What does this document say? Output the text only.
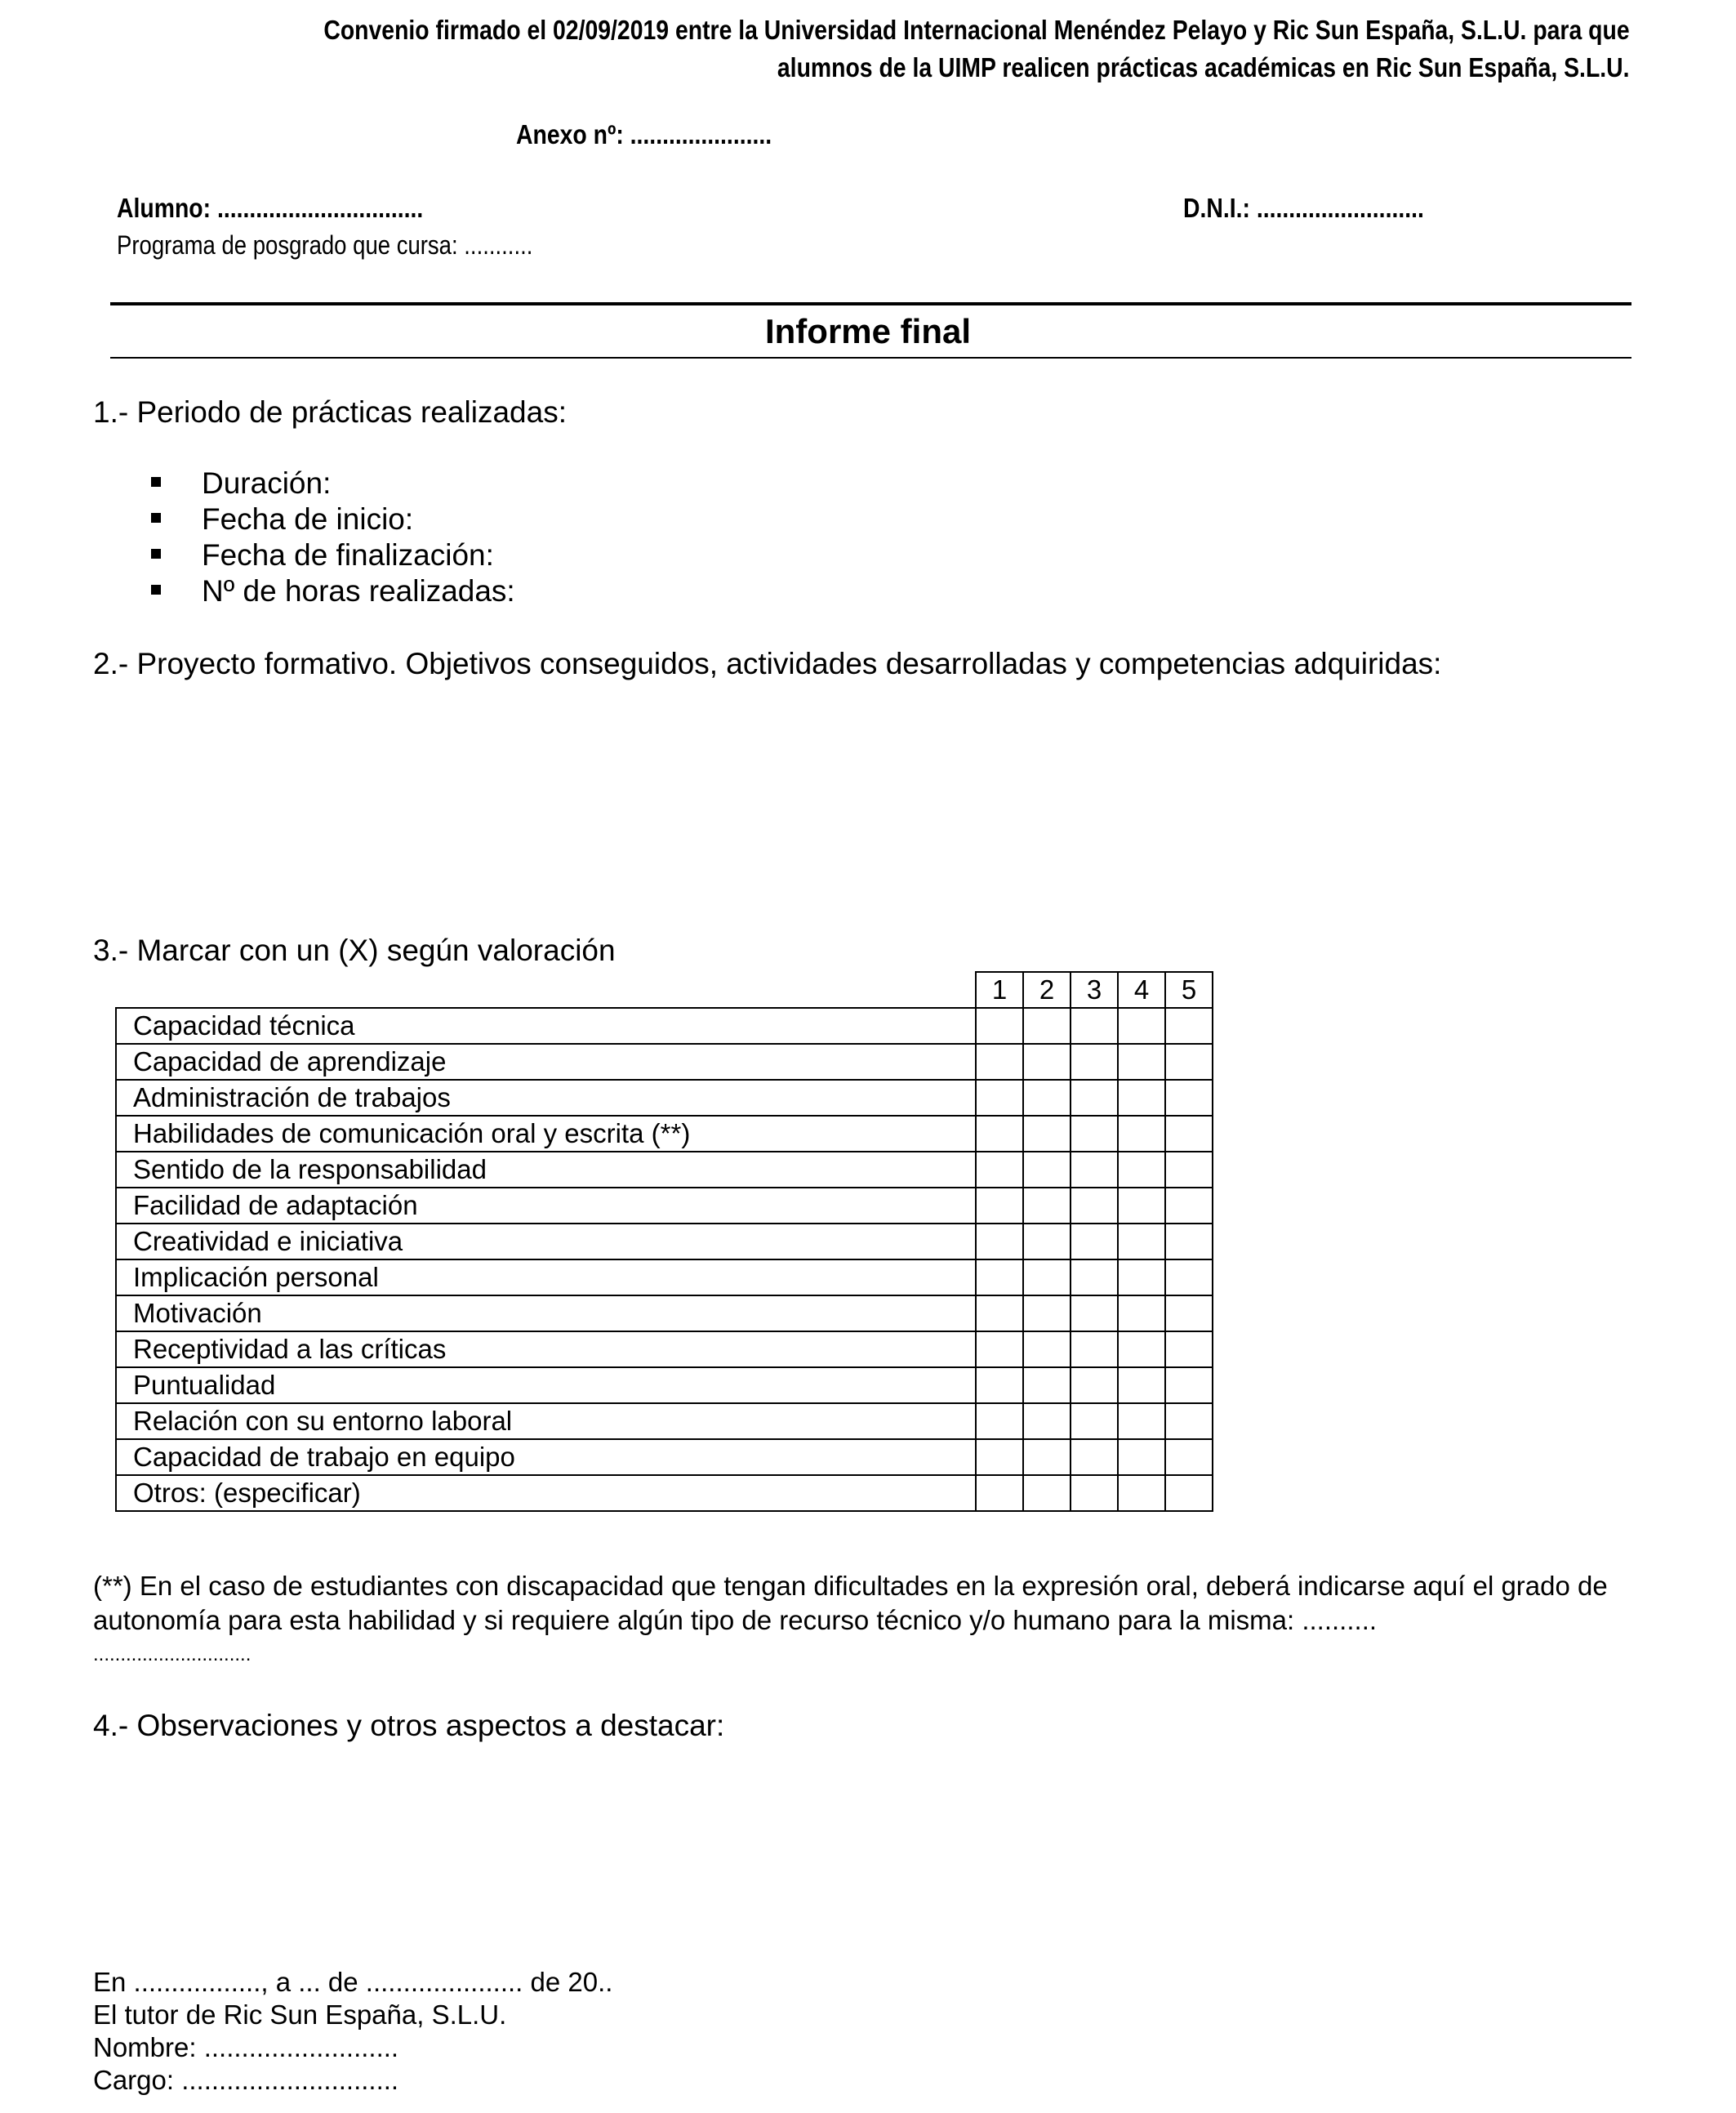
Convenio firmado el 02/09/2019 entre la Universidad Internacional Menéndez Pelayo y Ric Sun España, S.L.U. para que
alumnos de la UIMP realicen prácticas académicas en Ric Sun España, S.L.U.
Anexo nº: ......................
Alumno: ................................	D.N.I.: ..........................
Programa de posgrado que cursa: ...........
Informe final
1.- Periodo de prácticas realizadas:
Duración:
Fecha de inicio:
Fecha de finalización:
Nº de horas realizadas:
2.- Proyecto formativo. Objetivos conseguidos, actividades desarrolladas y competencias adquiridas:
3.- Marcar con un (X) según valoración
	1	2	3	4	5
Capacidad técnica					
Capacidad de aprendizaje					
Administración de trabajos					
Habilidades de comunicación oral y escrita (**)					
Sentido de la responsabilidad					
Facilidad de adaptación					
Creatividad e iniciativa					
Implicación personal					
Motivación					
Receptividad a las críticas					
Puntualidad					
Relación con su entorno laboral					
Capacidad de trabajo en equipo					
Otros: (especificar)					
(**) En el caso de estudiantes con discapacidad que tengan dificultades en la expresión oral, deberá indicarse aquí el grado de
autonomía para esta habilidad y si requiere algún tipo de recurso técnico y/o humano para la misma: ..........
.............................
4.- Observaciones y otros aspectos a destacar:
En ................., a ... de ..................... de 20..
El tutor de Ric Sun España, S.L.U.
Nombre: ..........................
Cargo: .............................
